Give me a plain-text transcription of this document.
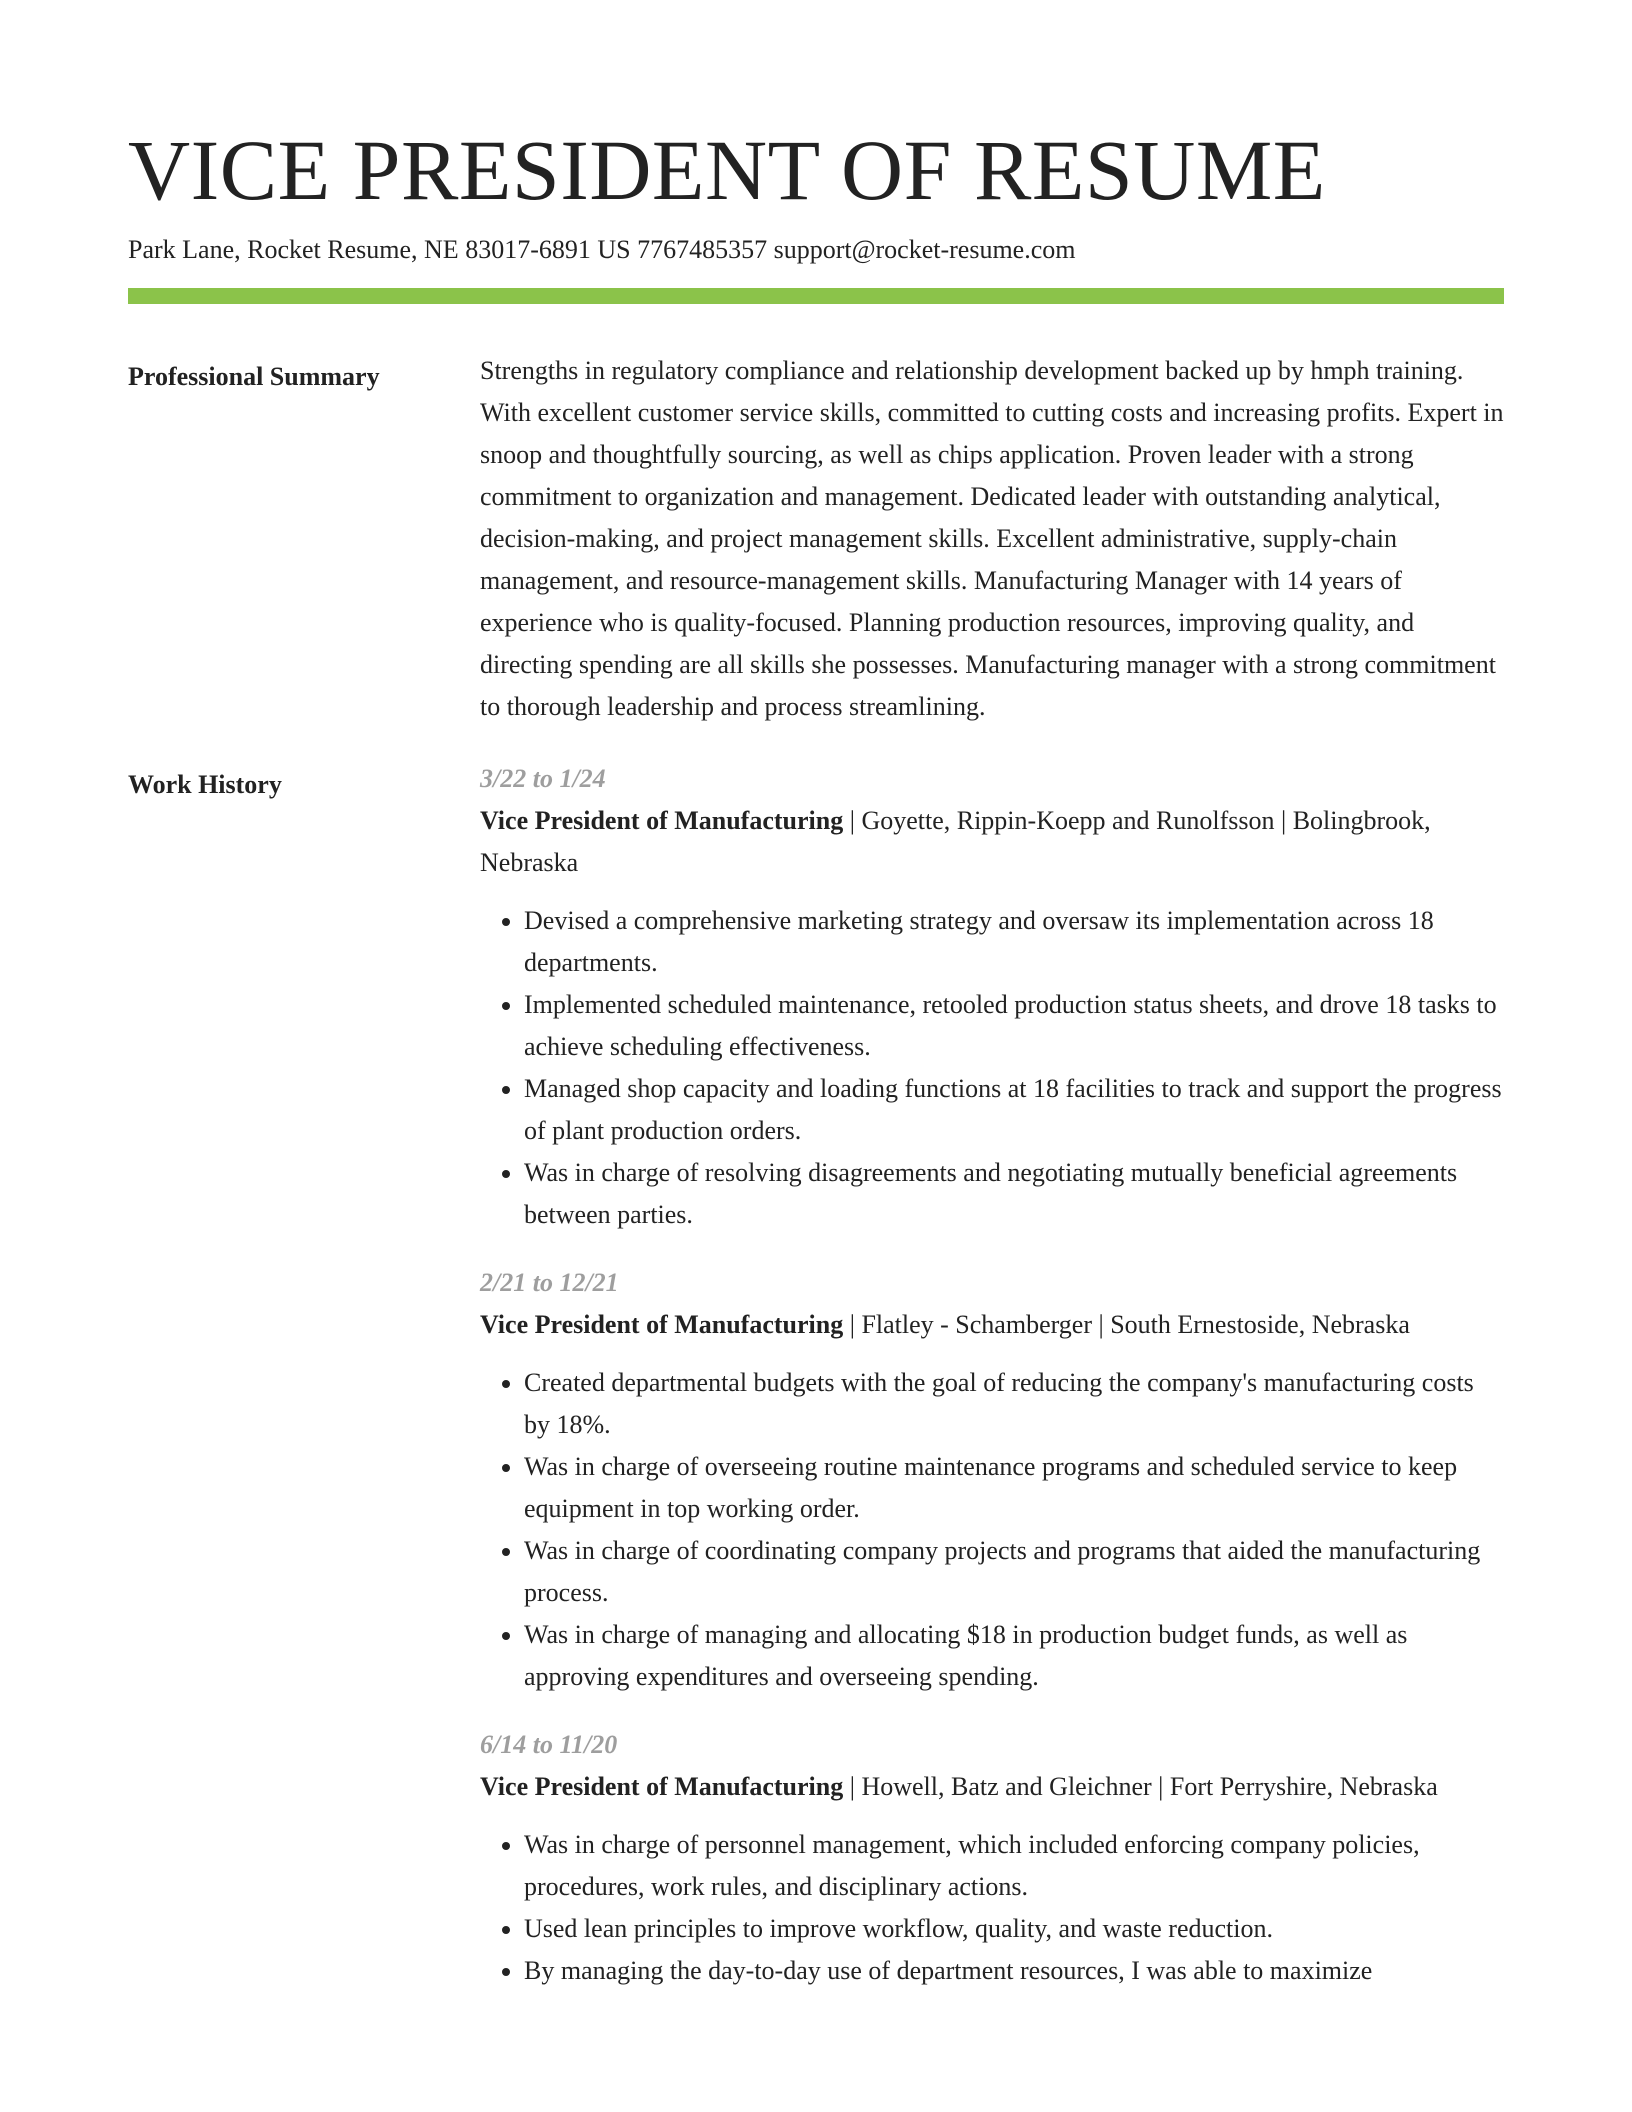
VICE PRESIDENT OF RESUME
Park Lane, Rocket Resume, NE 83017-6891 US 7767485357 support@rocket-resume.com
Professional Summary	Strengths in regulatory compliance and relationship development backed up by hmph training. With excellent customer service skills, committed to cutting costs and increasing profits. Expert in snoop and thoughtfully sourcing, as well as chips application. Proven leader with a strong commitment to organization and management. Dedicated leader with outstanding analytical, decision-making, and project management skills. Excellent administrative, supply-chain management, and resource-management skills. Manufacturing Manager with 14 years of experience who is quality-focused. Planning production resources, improving quality, and directing spending are all skills she possesses. Manufacturing manager with a strong commitment to thorough leadership and process streamlining.

Work History	3/22 to 1/24
Vice President of Manufacturing | Goyette, Rippin-Koepp and Runolfsson | Bolingbrook, Nebraska
• Devised a comprehensive marketing strategy and oversaw its implementation across 18 departments.
• Implemented scheduled maintenance, retooled production status sheets, and drove 18 tasks to achieve scheduling effectiveness.
• Managed shop capacity and loading functions at 18 facilities to track and support the progress of plant production orders.
• Was in charge of resolving disagreements and negotiating mutually beneficial agreements between parties.
2/21 to 12/21
Vice President of Manufacturing | Flatley - Schamberger | South Ernestoside, Nebraska
• Created departmental budgets with the goal of reducing the company's manufacturing costs by 18%.
• Was in charge of overseeing routine maintenance programs and scheduled service to keep equipment in top working order.
• Was in charge of coordinating company projects and programs that aided the manufacturing process.
• Was in charge of managing and allocating $18 in production budget funds, as well as approving expenditures and overseeing spending.
6/14 to 11/20
Vice President of Manufacturing | Howell, Batz and Gleichner | Fort Perryshire, Nebraska
• Was in charge of personnel management, which included enforcing company policies, procedures, work rules, and disciplinary actions.
• Used lean principles to improve workflow, quality, and waste reduction.
• By managing the day-to-day use of department resources, I was able to maximize
